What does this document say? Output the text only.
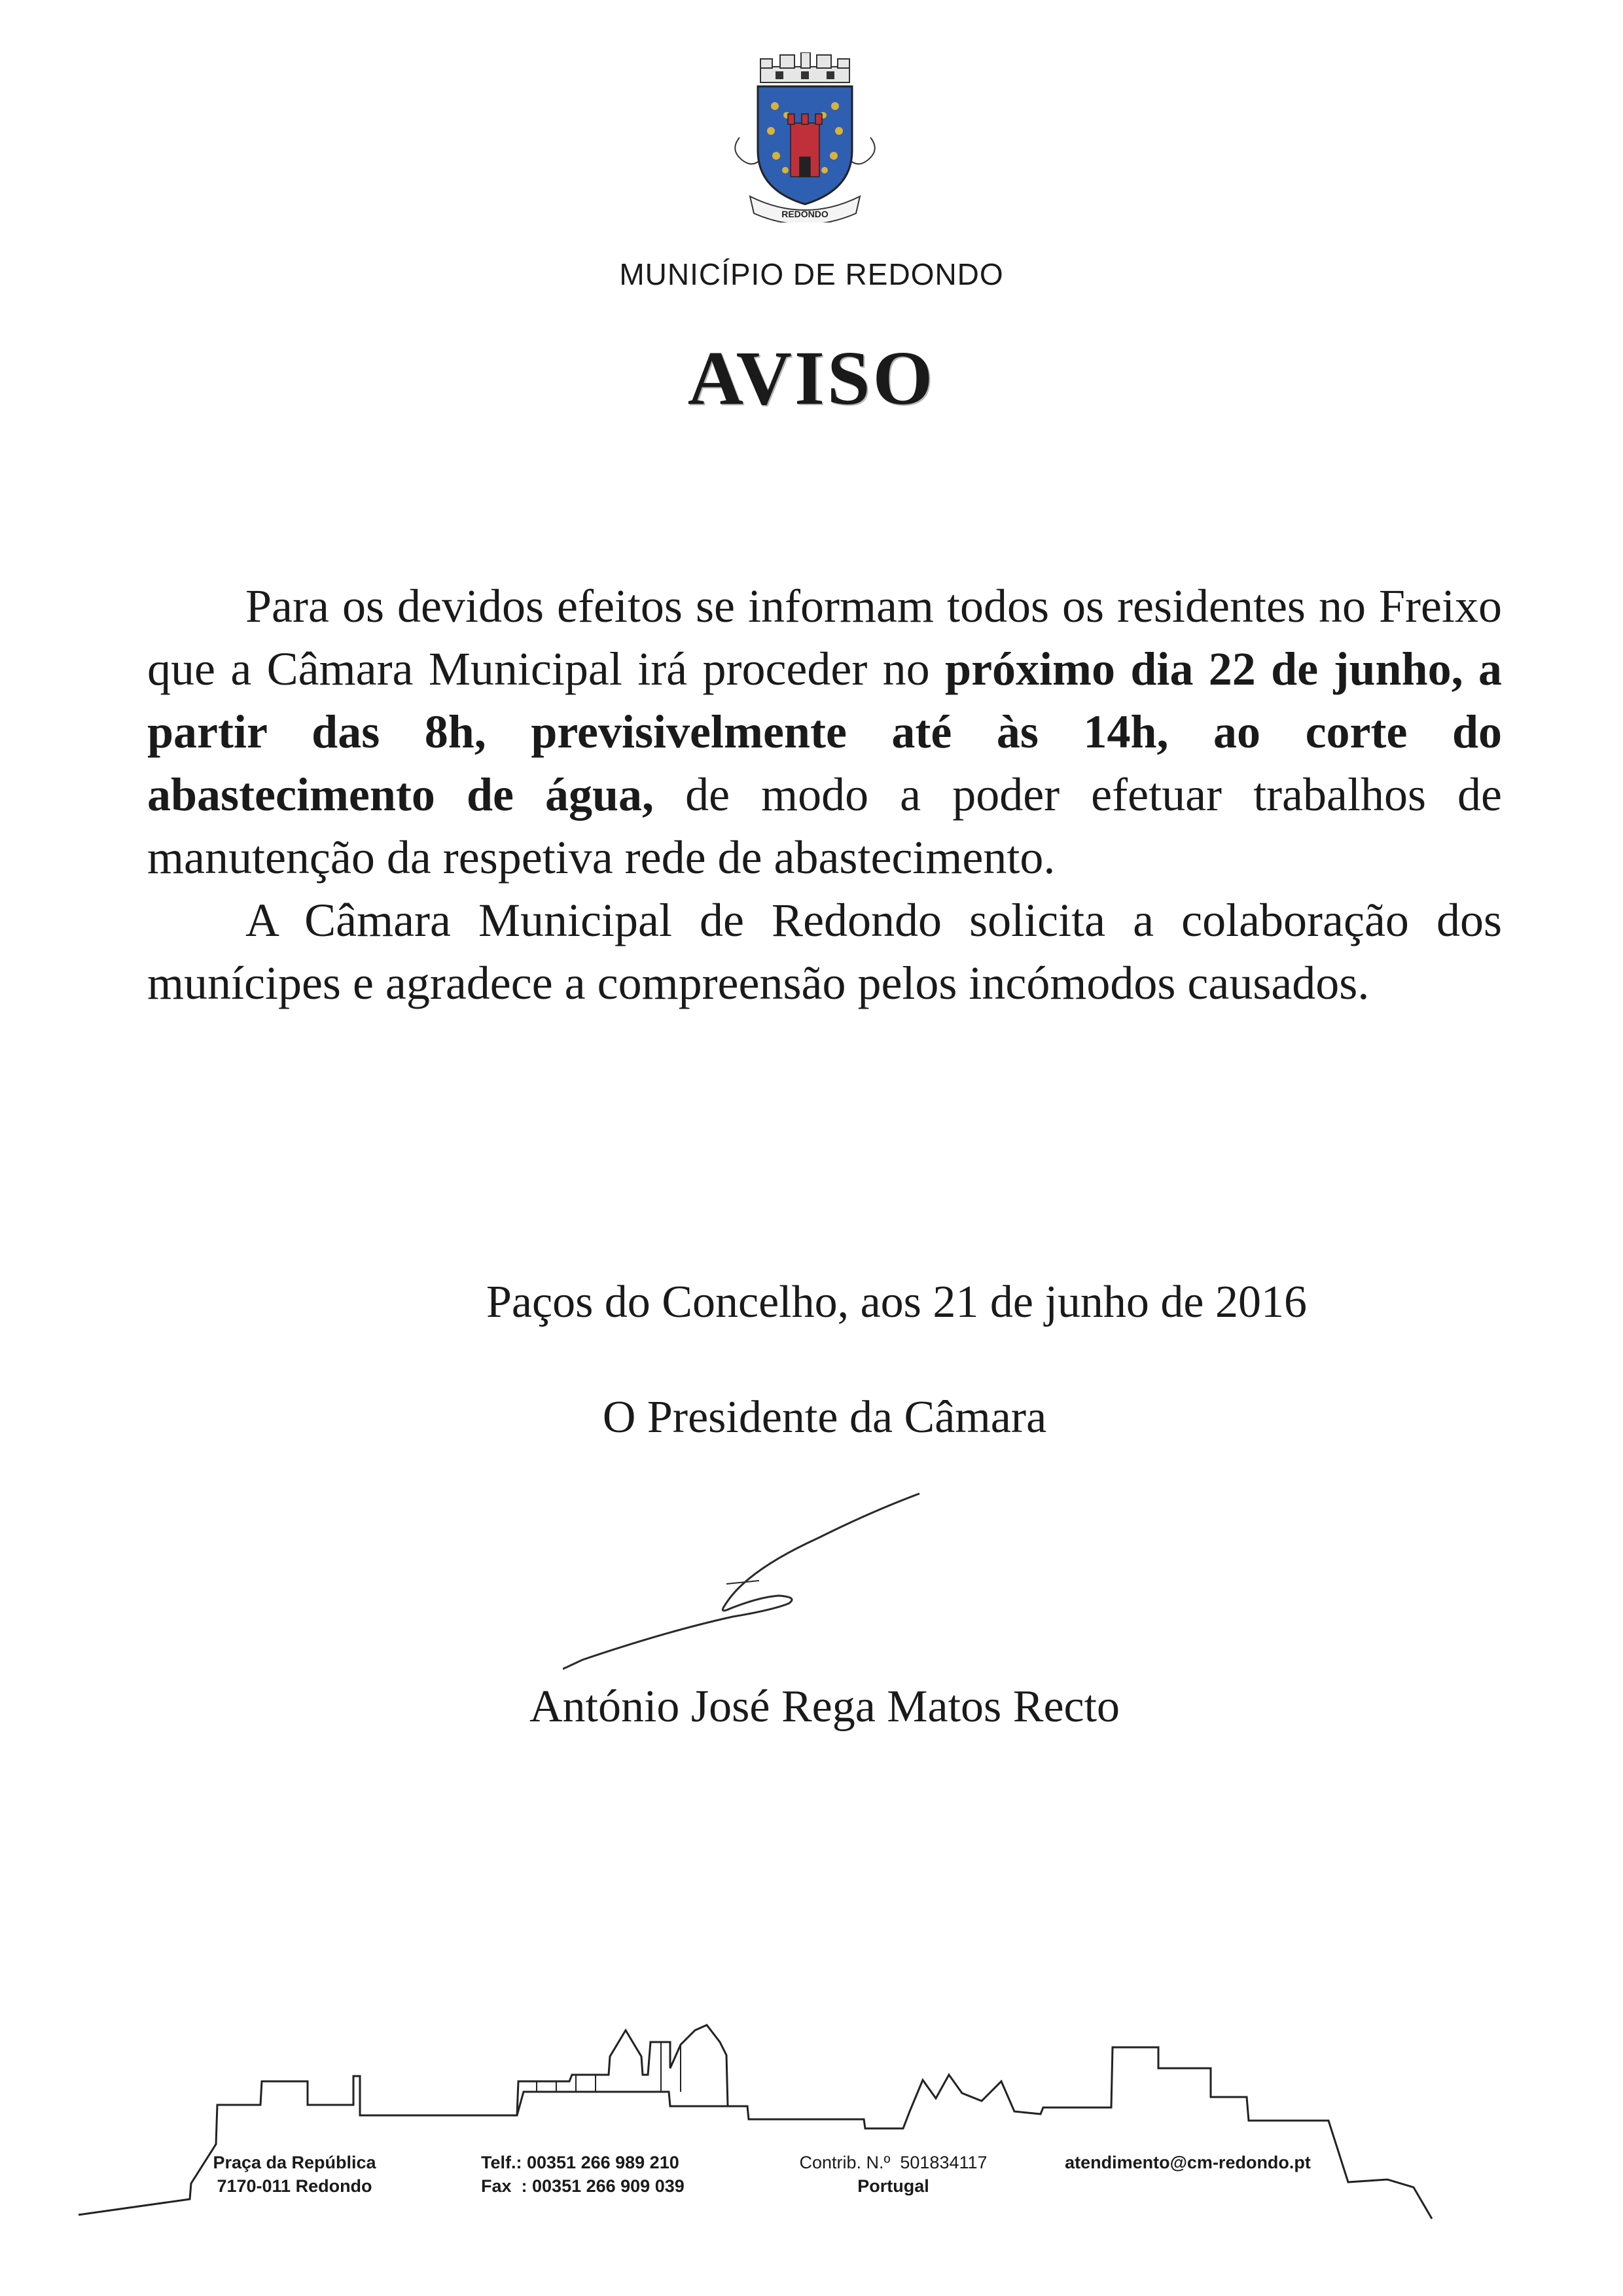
REDONDO
MUNICÍPIO DE REDONDO
AVISO

Para os devidos efeitos se informam todos os residentes no Freixo que a Câmara Municipal irá proceder no próximo dia 22 de junho, a partir das 8h, previsivelmente até às 14h, ao corte do abastecimento de água, de modo a poder efetuar trabalhos de manutenção da respetiva rede de abastecimento.

A Câmara Municipal de Redondo solicita a colaboração dos munícipes e agradece a compreensão pelos incómodos causados.

Paços do Concelho, aos 21 de junho de 2016
O Presidente da Câmara
António José Rega Matos Recto
Praça da República
7170-011 Redondo
Telf.: 00351 266 989 210
Fax  : 00351 266 909 039
Contrib. N.º  501834117
Portugal
atendimento@cm-redondo.pt
